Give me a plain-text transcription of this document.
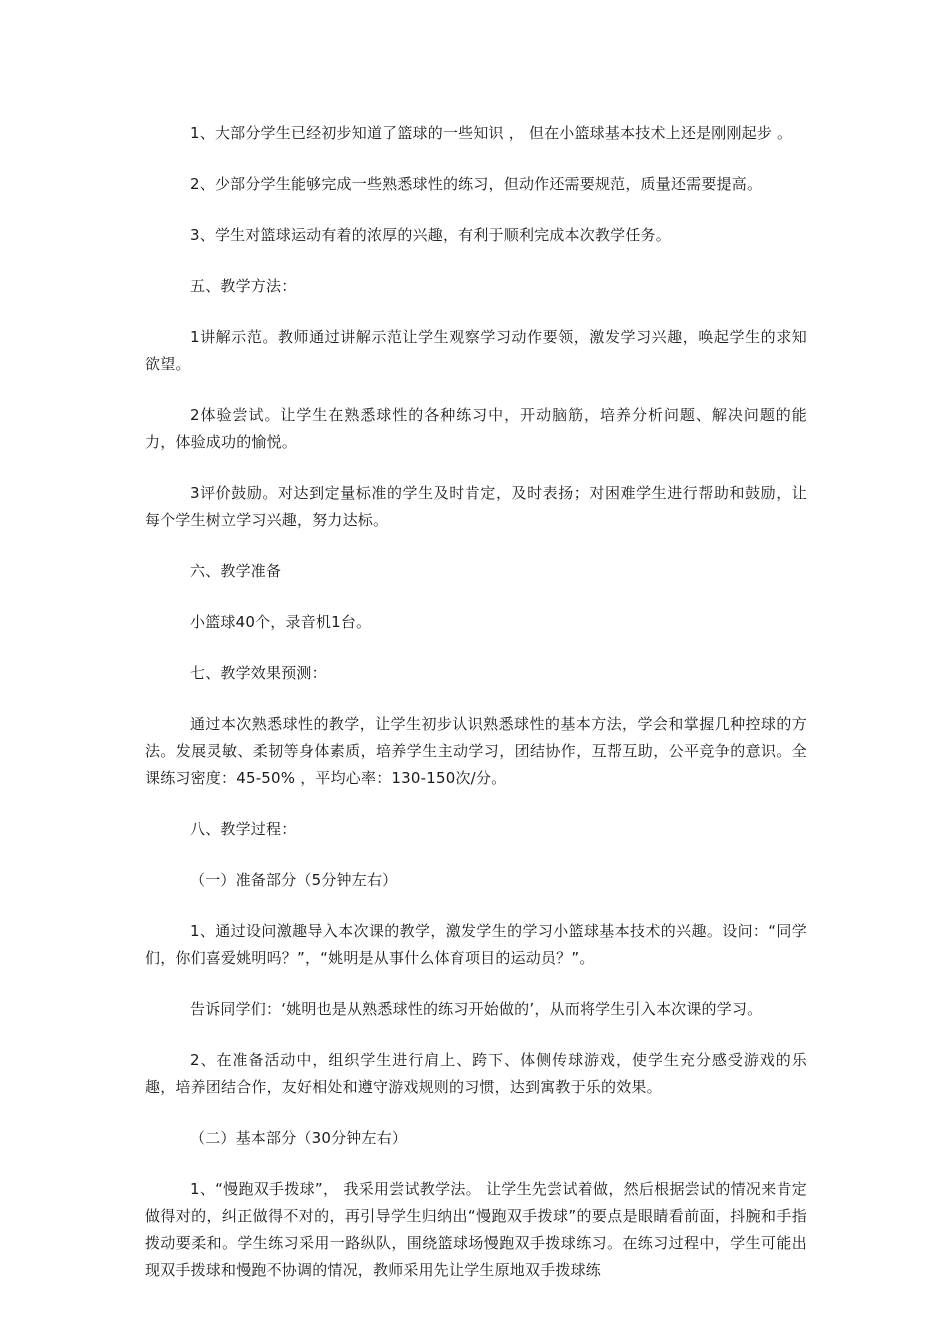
1、大部分学生已经初步知道了篮球的一些知识 ， 但在小篮球基本技术上还是刚刚起步 。

2、少部分学生能够完成一些熟悉球性的练习，但动作还需要规范，质量还需要提高。

3、学生对篮球运动有着的浓厚的兴趣，有利于顺利完成本次教学任务。

五、教学方法：

1讲解示范。教师通过讲解示范让学生观察学习动作要领，激发学习兴趣，唤起学生的求知欲望。

2体验尝试。让学生在熟悉球性的各种练习中，开动脑筋，培养分析问题、解决问题的能力，体验成功的愉悦。

3评价鼓励。对达到定量标准的学生及时肯定，及时表扬；对困难学生进行帮助和鼓励，让每个学生树立学习兴趣，努力达标。

六、教学准备

小篮球40个，录音机1台。

七、教学效果预测：

通过本次熟悉球性的教学，让学生初步认识熟悉球性的基本方法，学会和掌握几种控球的方法。发展灵敏、柔韧等身体素质，培养学生主动学习，团结协作，互帮互助，公平竞争的意识。全课练习密度：45-50% ，平均心率：130-150次/分。

八、教学过程：

（一）准备部分（5分钟左右）

1、通过设问激趣导入本次课的教学，激发学生的学习小篮球基本技术的兴趣。设问：“同学们，你们喜爱姚明吗？”，“姚明是从事什么体育项目的运动员？”。

告诉同学们：‘姚明也是从熟悉球性的练习开始做的’，从而将学生引入本次课的学习。

2、在准备活动中，组织学生进行肩上、跨下、体侧传球游戏，使学生充分感受游戏的乐趣，培养团结合作，友好相处和遵守游戏规则的习惯，达到寓教于乐的效果。

（二）基本部分（30分钟左右）

1、“慢跑双手拨球”， 我采用尝试教学法。 让学生先尝试着做，然后根据尝试的情况来肯定做得对的，纠正做得不对的，再引导学生归纳出“慢跑双手拨球”的要点是眼睛看前面，抖腕和手指拨动要柔和。学生练习采用一路纵队，围绕篮球场慢跑双手拨球练习。在练习过程中，学生可能出现双手拨球和慢跑不协调的情况，教师采用先让学生原地双手拨球练
